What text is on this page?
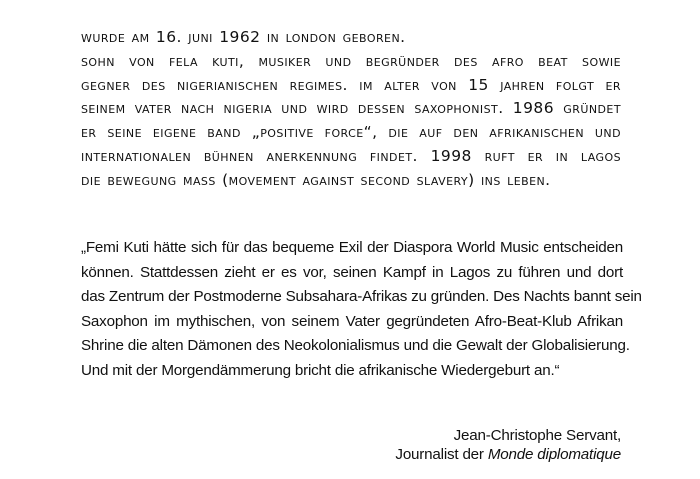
wurde am 16. juni 1962 in london geboren.
sohn von fela kuti, musiker und begründer des afro beat sowie
gegner des nigerianischen regimes. im alter von 15 jahren folgt er
seinem vater nach nigeria und wird dessen saxophonist. 1986 gründet
er seine eigene band „positive force“, die auf den afrikanischen und
internationalen bühnen anerkennung findet. 1998 ruft er in lagos
die bewegung mass (movement against second slavery) ins leben.
„Femi Kuti hätte sich für das bequeme Exil der Diaspora World Music entscheiden
können. Stattdessen zieht er es vor, seinen Kampf in Lagos zu führen und dort
das Zentrum der Postmoderne Subsahara-Afrikas zu gründen. Des Nachts bannt sein
Saxophon im mythischen, von seinem Vater gegründeten Afro-Beat-Klub Afrikan
Shrine die alten Dämonen des Neokolonialismus und die Gewalt der Globalisierung.
Und mit der Morgendämmerung bricht die afrikanische Wiedergeburt an.“
Jean-Christophe Servant,
Journalist der Monde diplomatique
